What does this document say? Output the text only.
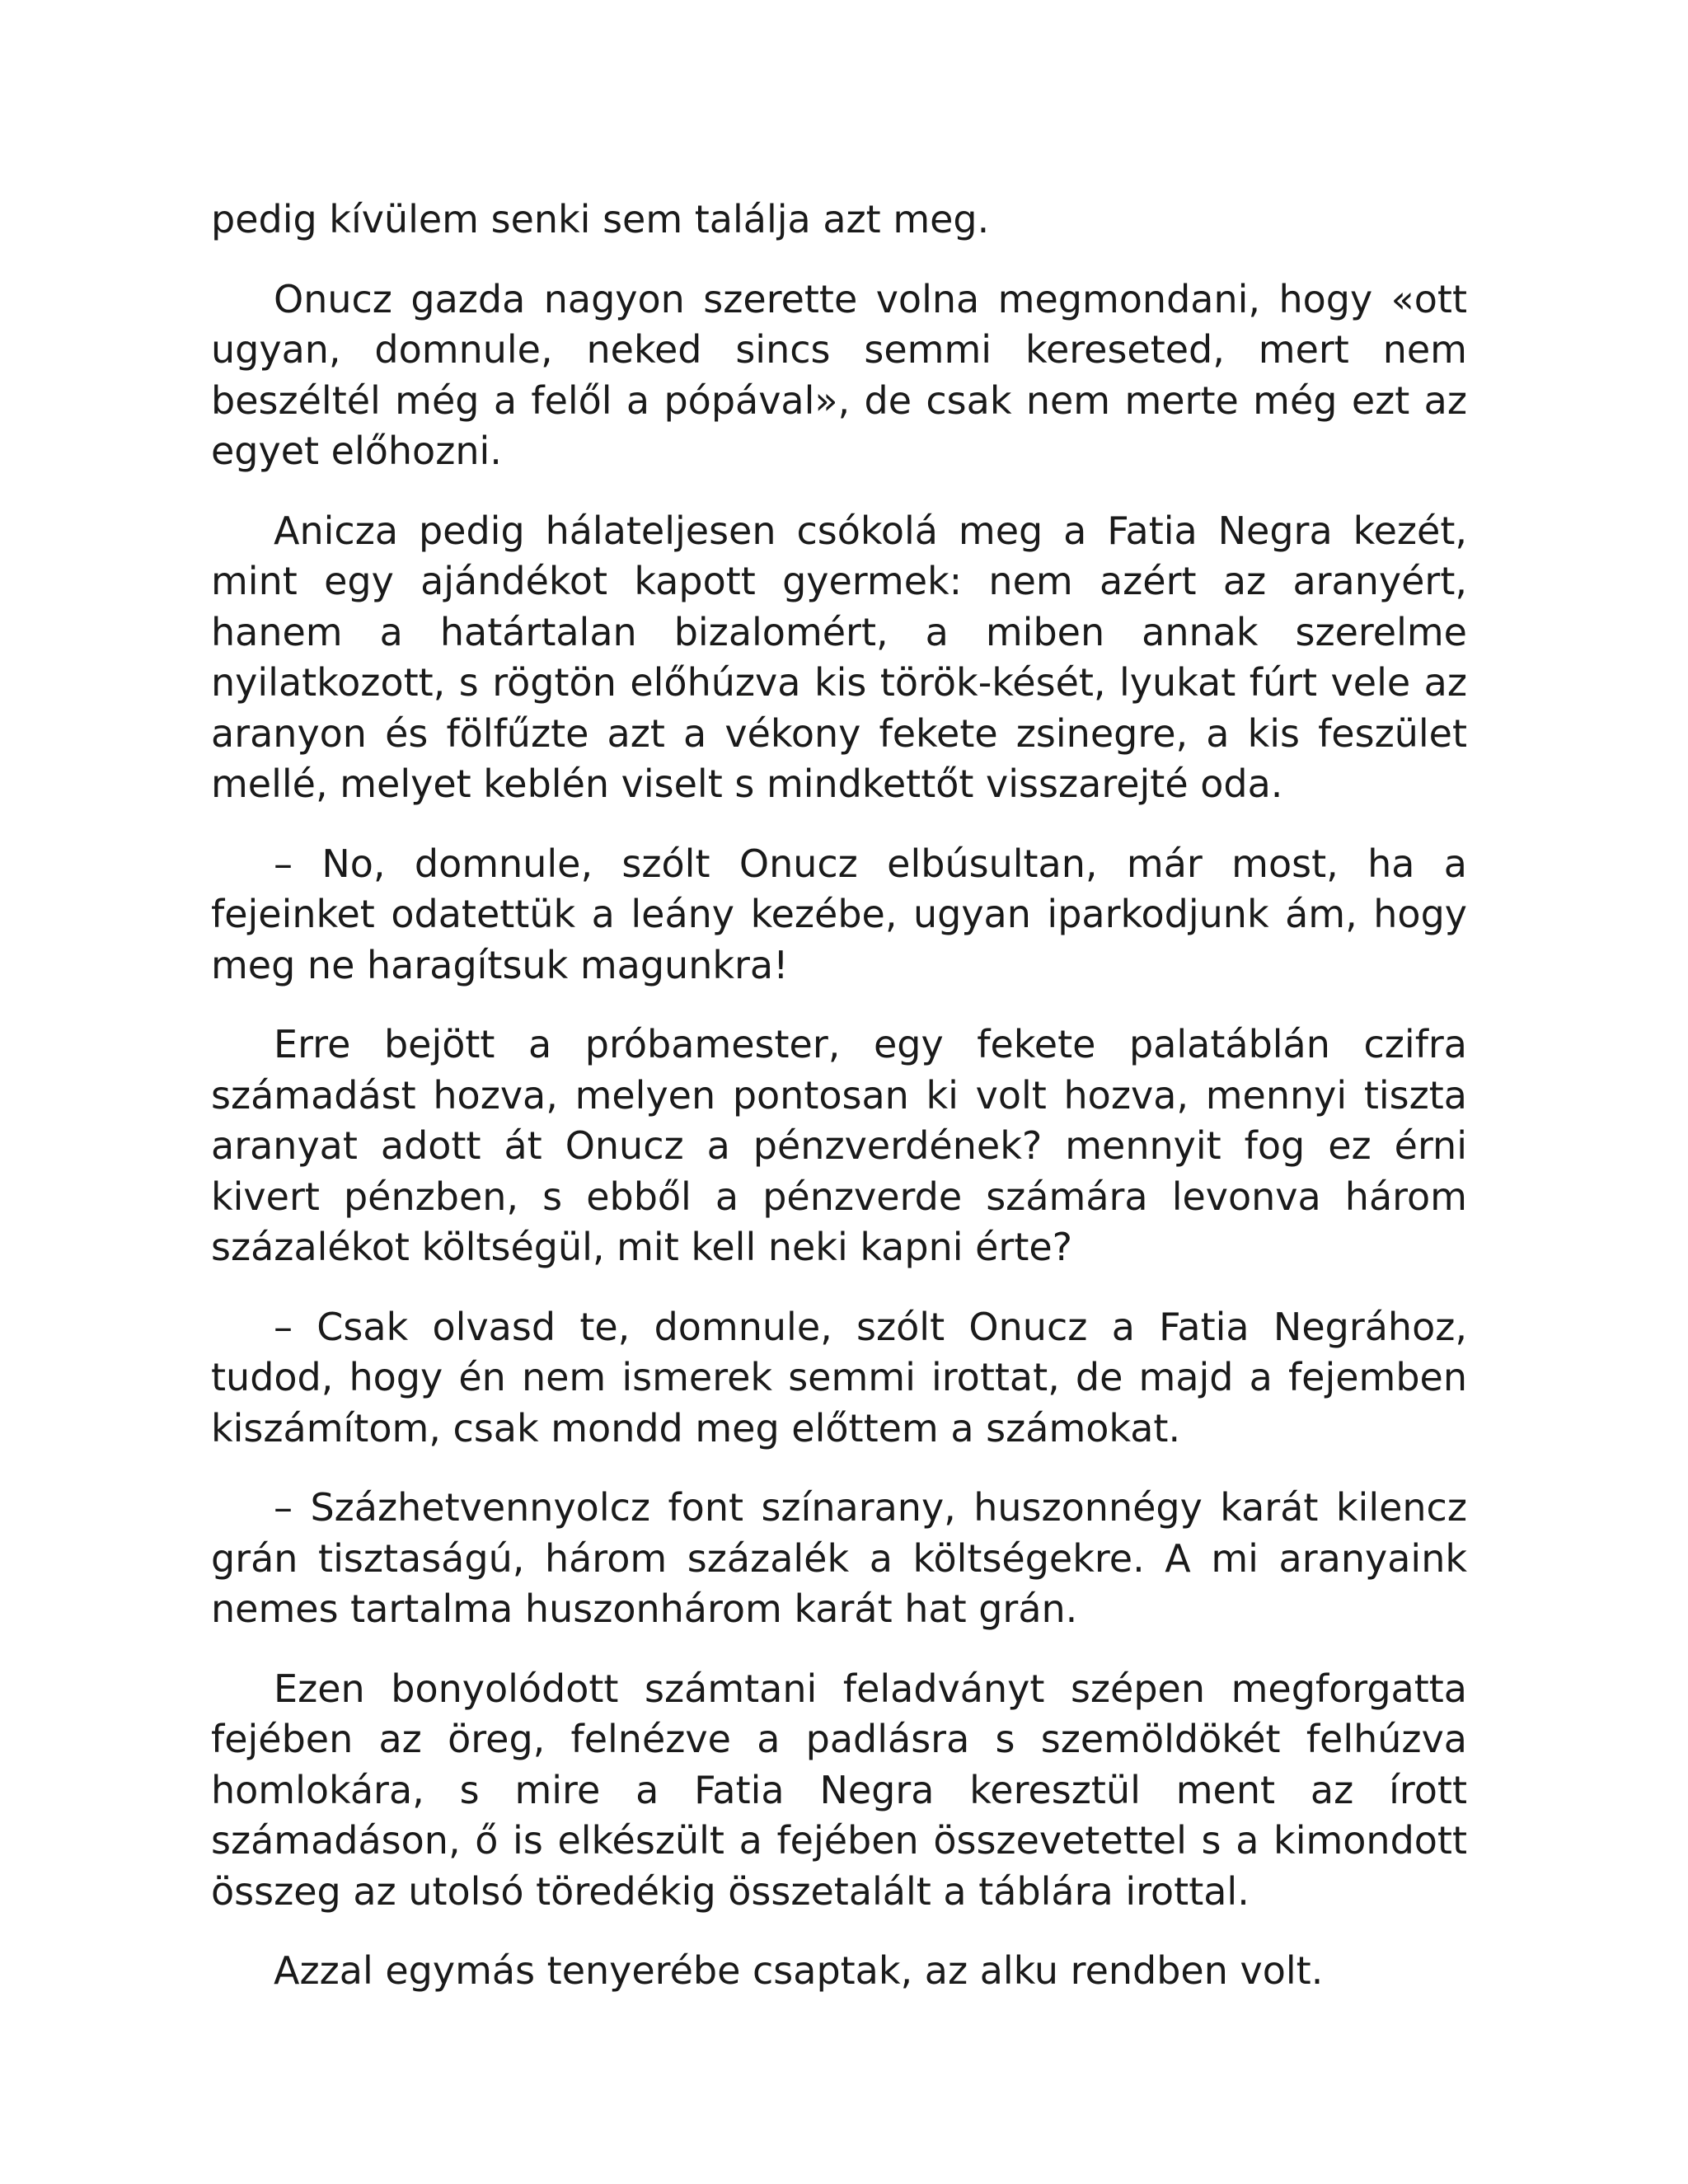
pedig kívülem senki sem találja azt meg.

Onucz gazda nagyon szerette volna megmondani, hogy «ott ugyan, domnule, neked sincs semmi kereseted, mert nem beszéltél még a felől a pópával», de csak nem merte még ezt az egyet előhozni.

Anicza pedig hálateljesen csókolá meg a Fatia Negra kezét, mint egy ajándékot kapott gyermek: nem azért az aranyért, hanem a határtalan bizalomért, a miben annak szerelme nyilatkozott, s rögtön előhúzva kis török-kését, lyukat fúrt vele az aranyon és fölfűzte azt a vékony fekete zsinegre, a kis feszület mellé, melyet keblén viselt s mindkettőt visszarejté oda.

– No, domnule, szólt Onucz elbúsultan, már most, ha a fejeinket odatettük a leány kezébe, ugyan iparkodjunk ám, hogy meg ne haragítsuk magunkra!

Erre bejött a próbamester, egy fekete palatáblán czifra számadást hozva, melyen pontosan ki volt hozva, mennyi tiszta aranyat adott át Onucz a pénzverdének? mennyit fog ez érni kivert pénzben, s ebből a pénzverde számára levonva három százalékot költségül, mit kell neki kapni érte?

– Csak olvasd te, domnule, szólt Onucz a Fatia Negrához, tudod, hogy én nem ismerek semmi irottat, de majd a fejemben kiszámítom, csak mondd meg előttem a számokat.

– Százhetvennyolcz font színarany, huszonnégy karát kilencz grán tisztaságú, három százalék a költségekre. A mi aranyaink nemes tartalma huszonhárom karát hat grán.

Ezen bonyolódott számtani feladványt szépen megforgatta fejében az öreg, felnézve a padlásra s szemöldökét felhúzva homlokára, s mire a Fatia Negra keresztül ment az írott számadáson, ő is elkészült a fejében összevetettel s a kimondott összeg az utolsó töredékig összetalált a táblára irottal.

Azzal egymás tenyerébe csaptak, az alku rendben volt.
